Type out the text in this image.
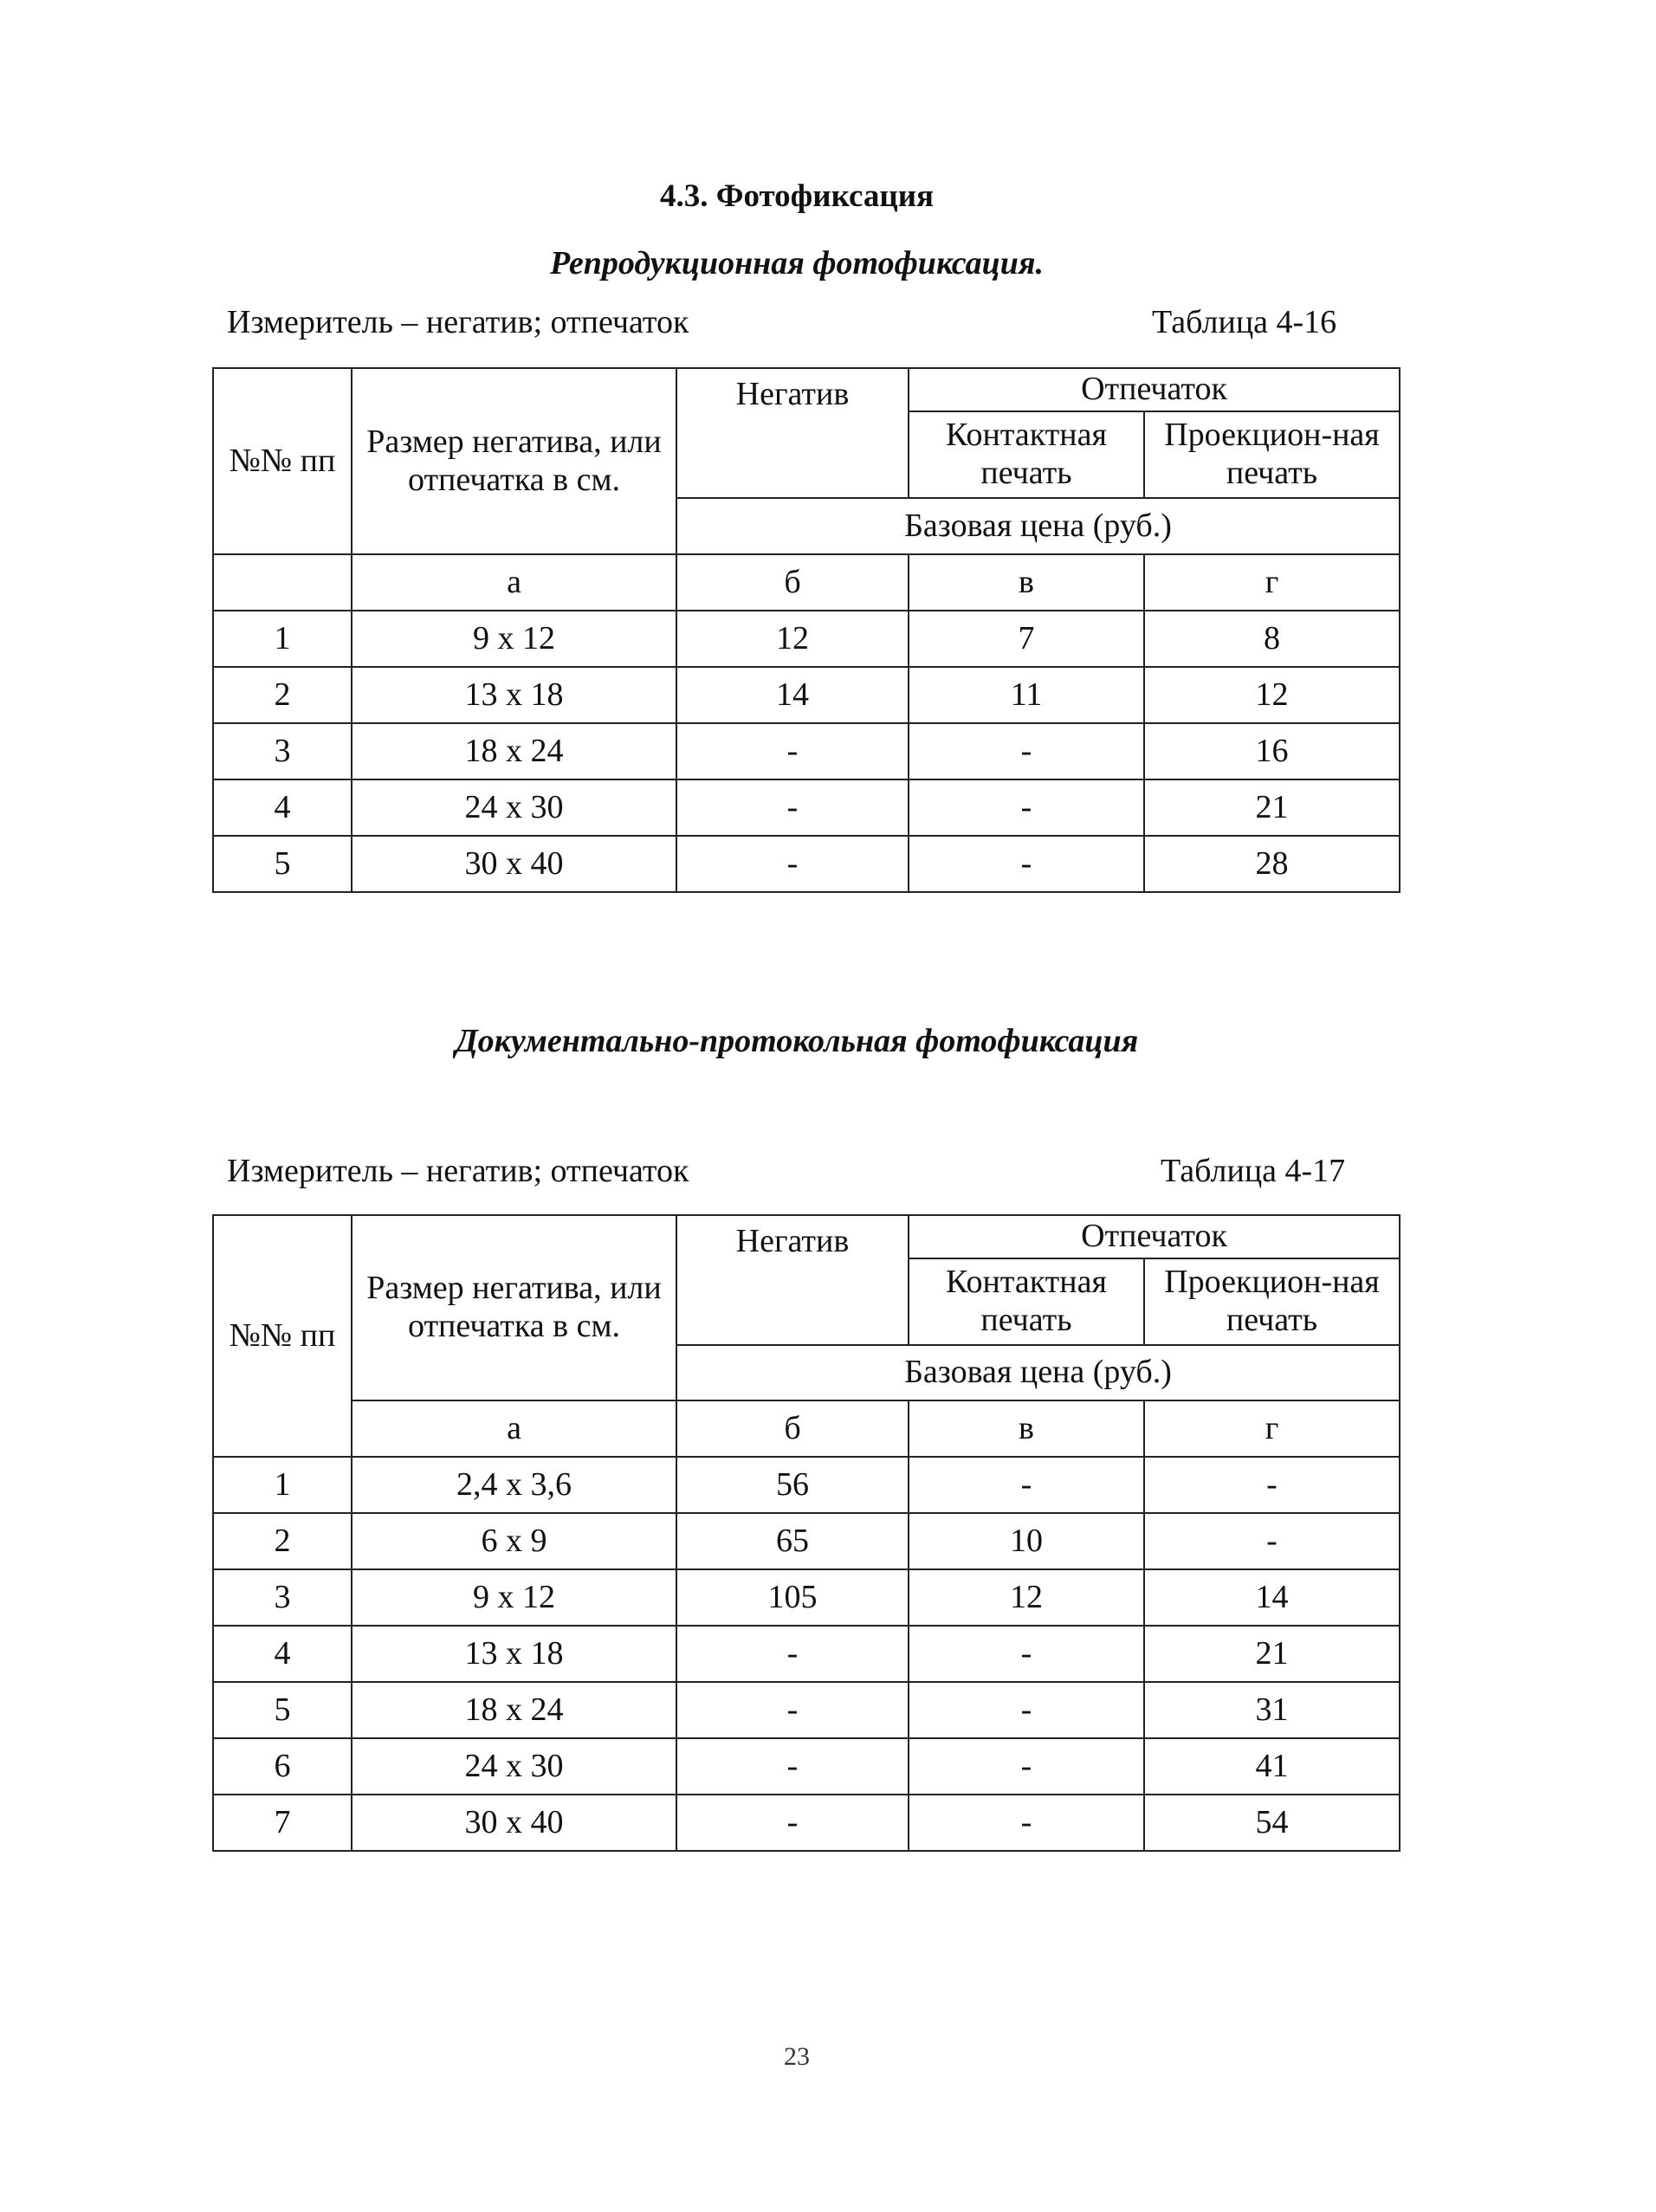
4.3. Фотофиксация
Репродукционная фотофиксация.
Измеритель – негатив; отпечаток	Таблица 4-16
№№ пп	Размер негатива, или отпечатка в см.	Негатив	Отпечаток	
			Контактная печать	Проекцион-ная печать
		Базовая цена (руб.)		
	а	б	в	г
1	9 x 12	12	7	8
2	13 x 18	14	11	12
3	18 x 24	-	-	16
4	24 x 30	-	-	21
5	30 x 40	-	-	28
Документально-протокольная фотофиксация
Измеритель – негатив; отпечаток	Таблица 4-17
№№ пп	Размер негатива, или отпечатка в см.	Негатив	Отпечаток	
			Контактная печать	Проекцион-ная печать
		Базовая цена (руб.)		
	а	б	в	г
1	2,4 x 3,6	56	-	-
2	6 x 9	65	10	-
3	9 x 12	105	12	14
4	13 x 18	-	-	21
5	18 x 24	-	-	31
6	24 x 30	-	-	41
7	30 x 40	-	-	54
23
